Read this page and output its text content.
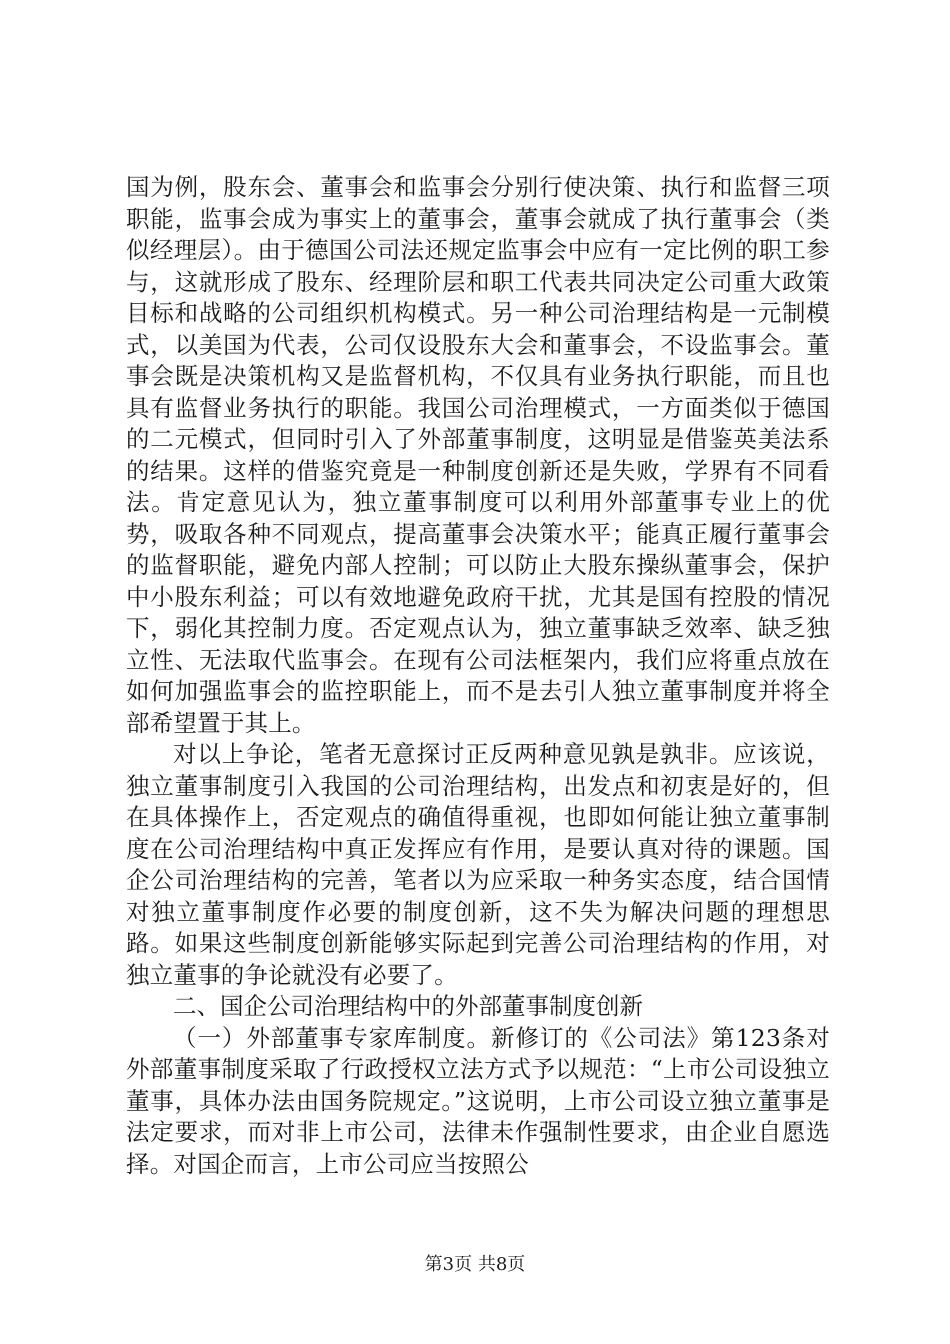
国为例，股东会、董事会和监事会分别行使决策、执行和监督三项职能，监事会成为事实上的董事会，董事会就成了执行董事会（类似经理层）。由于德国公司法还规定监事会中应有一定比例的职工参与，这就形成了股东、经理阶层和职工代表共同决定公司重大政策目标和战略的公司组织机构模式。另一种公司治理结构是一元制模式，以美国为代表，公司仅设股东大会和董事会，不设监事会。董事会既是决策机构又是监督机构，不仅具有业务执行职能，而且也具有监督业务执行的职能。我国公司治理模式，一方面类似于德国的二元模式，但同时引入了外部董事制度，这明显是借鉴英美法系的结果。这样的借鉴究竟是一种制度创新还是失败，学界有不同看法。肯定意见认为，独立董事制度可以利用外部董事专业上的优势，吸取各种不同观点，提高董事会决策水平；能真正履行董事会的监督职能，避免内部人控制；可以防止大股东操纵董事会，保护中小股东利益；可以有效地避免政府干扰，尤其是国有控股的情况下，弱化其控制力度。否定观点认为，独立董事缺乏效率、缺乏独立性、无法取代监事会。在现有公司法框架内，我们应将重点放在如何加强监事会的监控职能上，而不是去引人独立董事制度并将全部希望置于其上。

对以上争论，笔者无意探讨正反两种意见孰是孰非。应该说，独立董事制度引入我国的公司治理结构，出发点和初衷是好的，但在具体操作上，否定观点的确值得重视，也即如何能让独立董事制度在公司治理结构中真正发挥应有作用，是要认真对待的课题。国企公司治理结构的完善，笔者以为应采取一种务实态度，结合国情对独立董事制度作必要的制度创新，这不失为解决问题的理想思路。如果这些制度创新能够实际起到完善公司治理结构的作用，对独立董事的争论就没有必要了。

二、国企公司治理结构中的外部董事制度创新

（一）外部董事专家库制度。新修订的《公司法》第123条对外部董事制度采取了行政授权立法方式予以规范：“上市公司设独立董事，具体办法由国务院规定。”这说明，上市公司设立独立董事是法定要求，而对非上市公司，法律未作强制性要求，由企业自愿选择。对国企而言，上市公司应当按照公

第3页 共8页
